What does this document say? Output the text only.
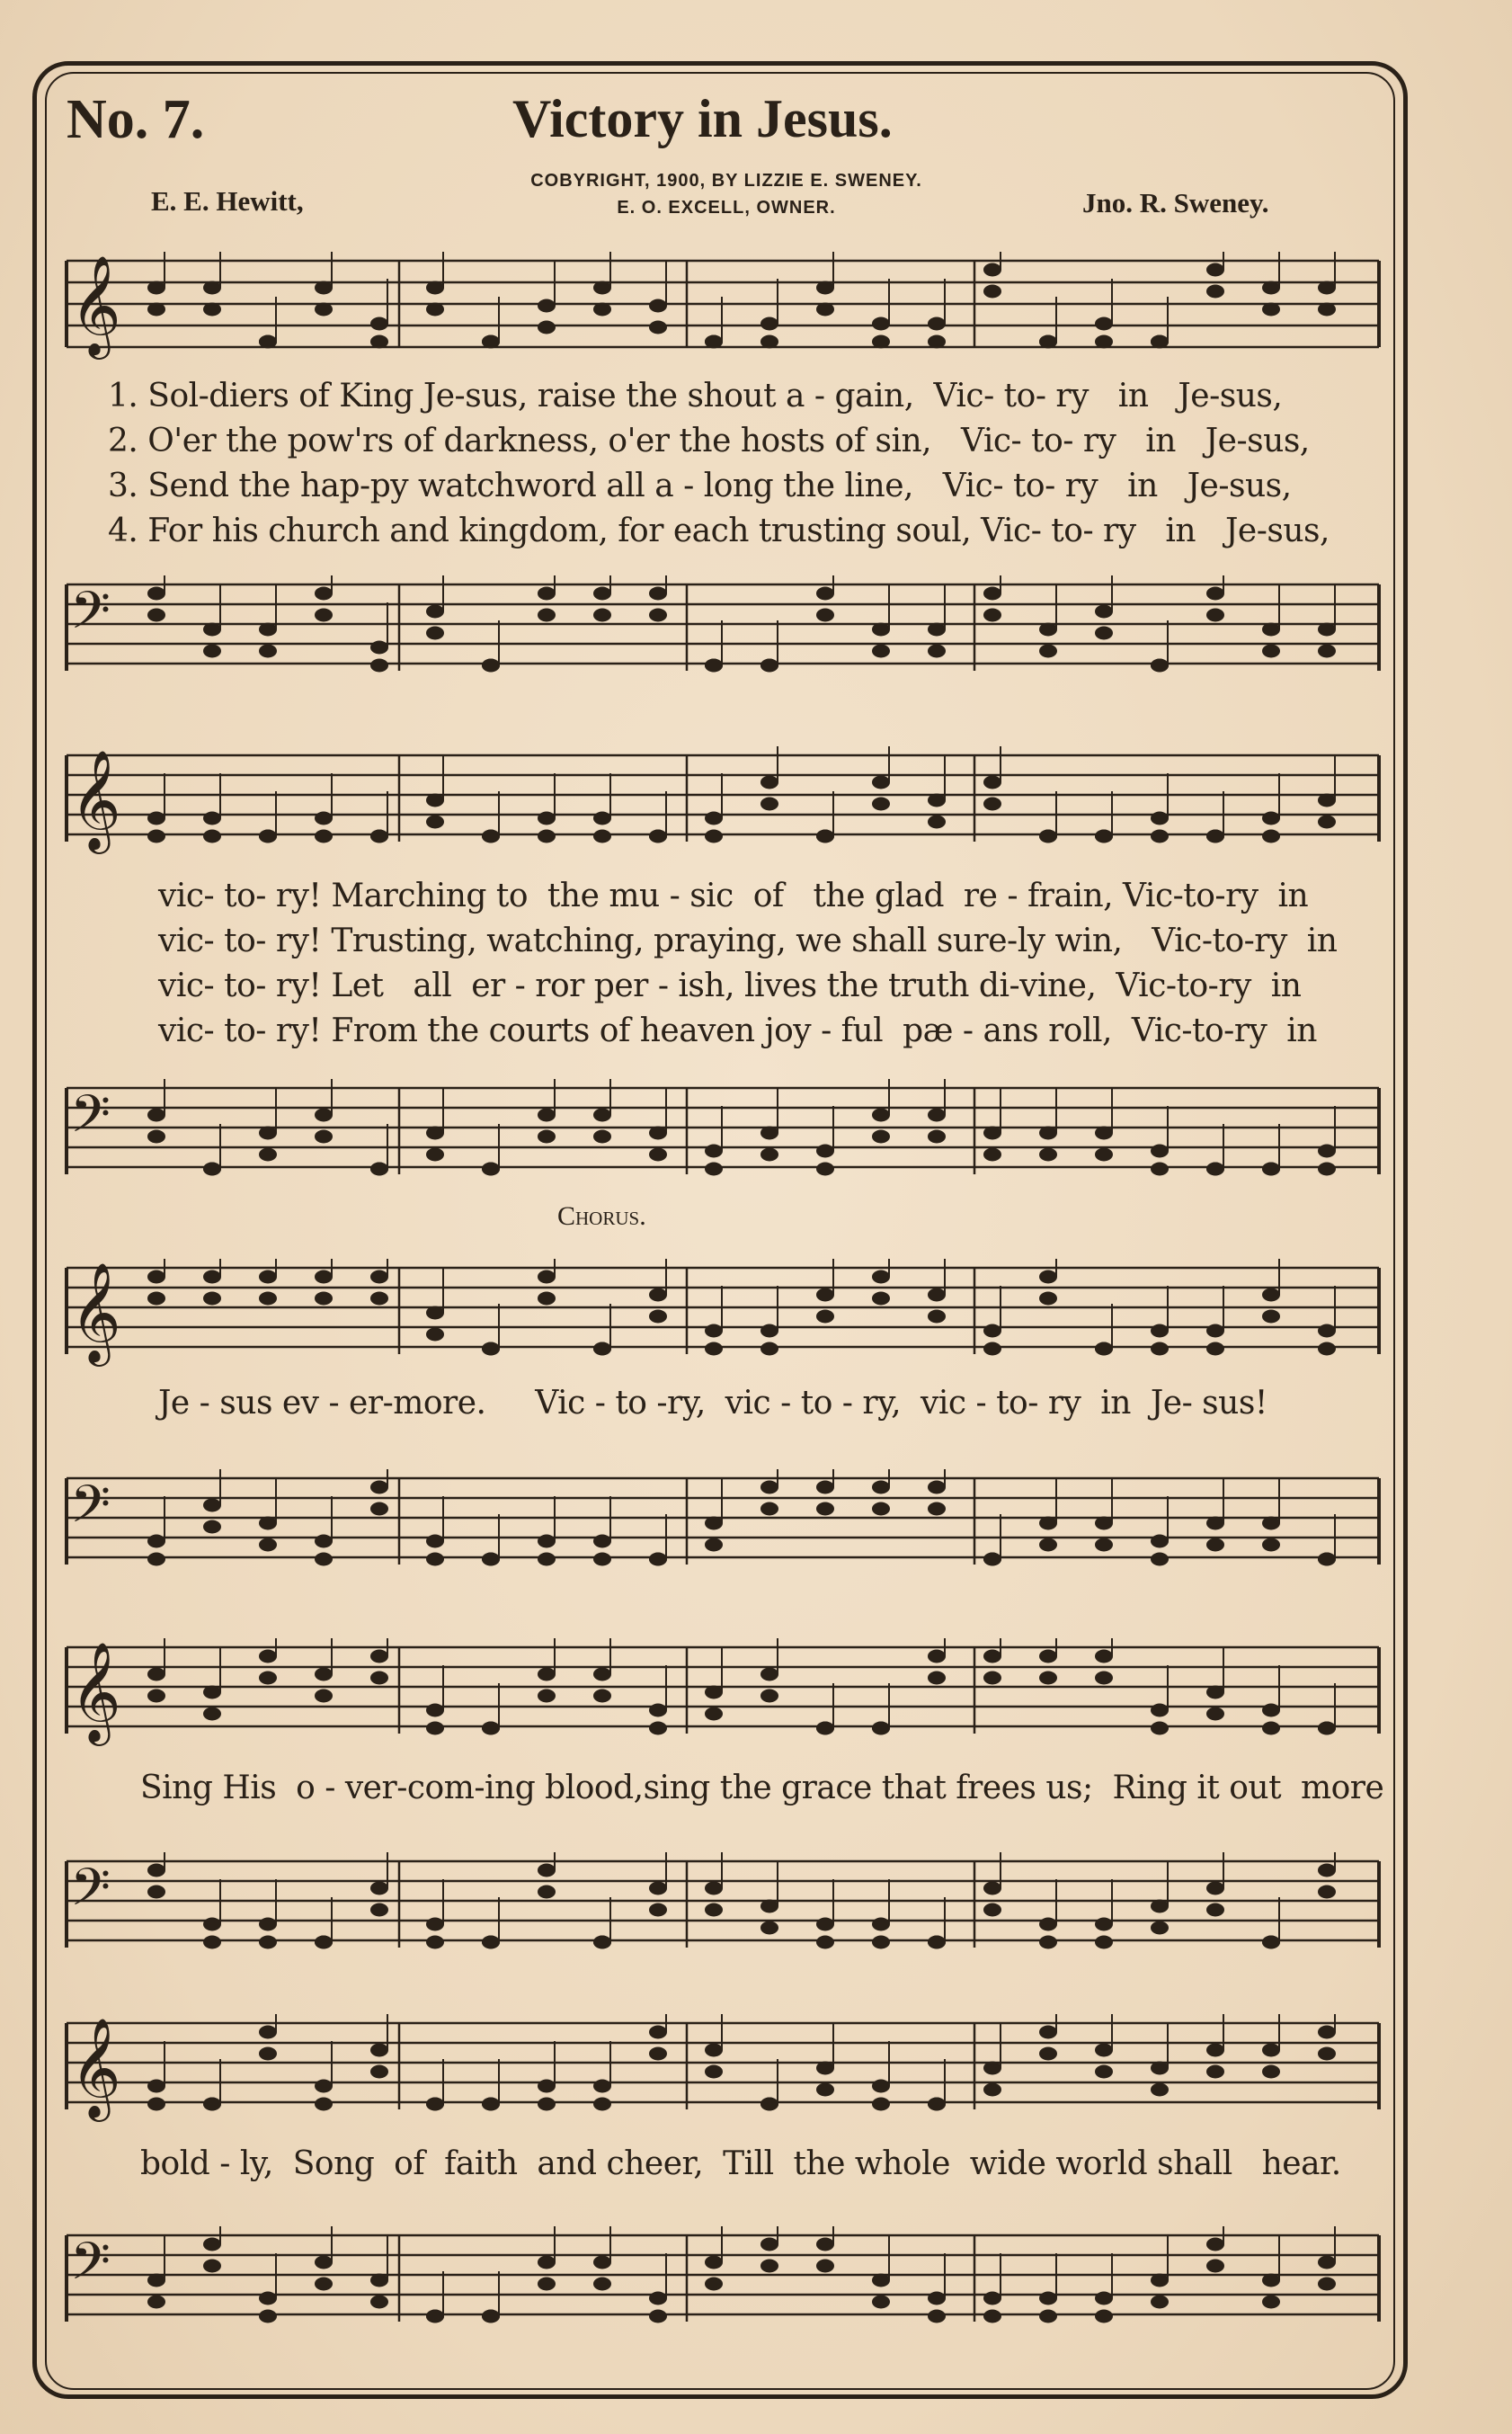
No. 7.	Victory in Jesus.
COBYRIGHT, 1900, BY LIZZIE E. SWENEY.
E. O. EXCELL, OWNER.
E. E. Hewitt,	Jno. R. Sweney.
𝄞
𝄢
1. Sol-diers of King Je-sus, raise the shout a - gain,  Vic- to- ry   in   Je-sus,
2. O'er the pow'rs of darkness, o'er the hosts of sin,   Vic- to- ry   in   Je-sus,
3. Send the hap-py watchword all a - long the line,   Vic- to- ry   in   Je-sus,
4. For his church and kingdom, for each trusting soul, Vic- to- ry   in   Je-sus,
𝄞
𝄢
vic- to- ry! Marching to  the mu - sic  of   the glad  re - frain, Vic-to-ry  in
vic- to- ry! Trusting, watching, praying, we shall sure-ly win,   Vic-to-ry  in
vic- to- ry! Let   all  er - ror per - ish, lives the truth di-vine,  Vic-to-ry  in
vic- to- ry! From the courts of heaven joy - ful  pæ - ans roll,  Vic-to-ry  in
Chorus.
𝄞
Je - sus ev - er-more.     Vic - to -ry,  vic - to - ry,  vic - to- ry  in  Je- sus!
𝄢
𝄞
Sing His  o - ver-com-ing blood,sing the grace that frees us;  Ring it out  more
𝄢
𝄞
bold - ly,  Song  of  faith  and cheer,  Till  the whole  wide world shall   hear.
𝄢
